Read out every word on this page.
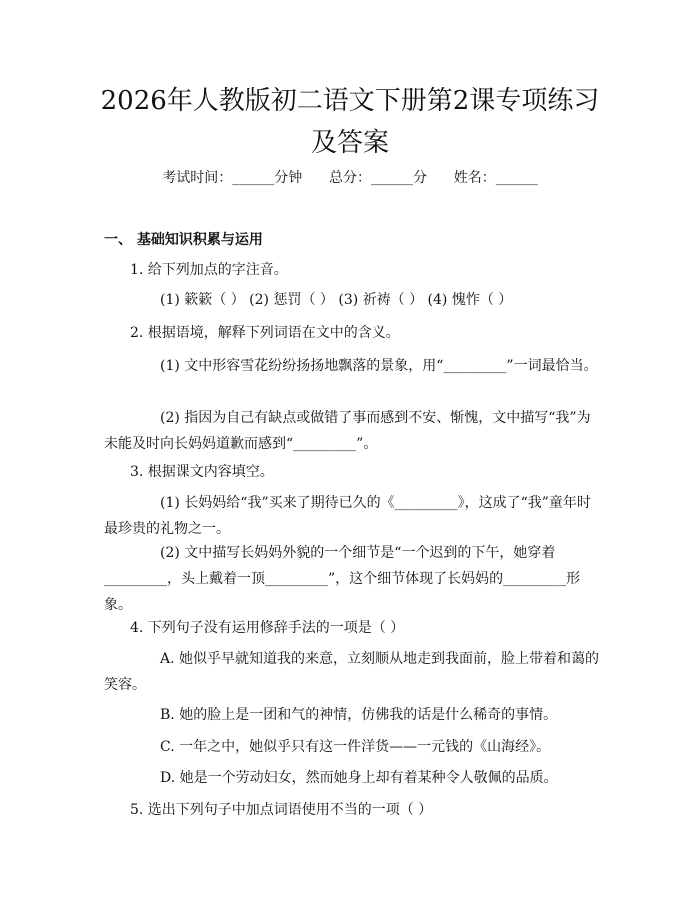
2026年人教版初二语文下册第2课专项练习及答案
考试时间：______分钟      总分：______分      姓名：______
一、 基础知识积累与运用
1. 给下列加点的字注音。
(1) 簌簌（ ） (2) 惩罚（ ） (3) 祈祷（ ） (4) 愧怍（ ）
2. 根据语境，解释下列词语在文中的含义。
(1) 文中形容雪花纷纷扬扬地飘落的景象，用“_________”一词最恰当。
(2) 指因为自己有缺点或做错了事而感到不安、惭愧，文中描写“我”为未能及时向长妈妈道歉而感到“_________”。
3. 根据课文内容填空。
(1) 长妈妈给“我”买来了期待已久的《_________》，这成了“我”童年时最珍贵的礼物之一。
(2) 文中描写长妈妈外貌的一个细节是“一个迟到的下午，她穿着_________，头上戴着一顶_________”，这个细节体现了长妈妈的_________形象。
4. 下列句子没有运用修辞手法的一项是（ ）
A. 她似乎早就知道我的来意，立刻顺从地走到我面前，脸上带着和蔼的笑容。
B. 她的脸上是一团和气的神情，仿佛我的话是什么稀奇的事情。
C. 一年之中，她似乎只有这一件洋货——一元钱的《山海经》。
D. 她是一个劳动妇女，然而她身上却有着某种令人敬佩的品质。
5. 选出下列句子中加点词语使用不当的一项（ ）
